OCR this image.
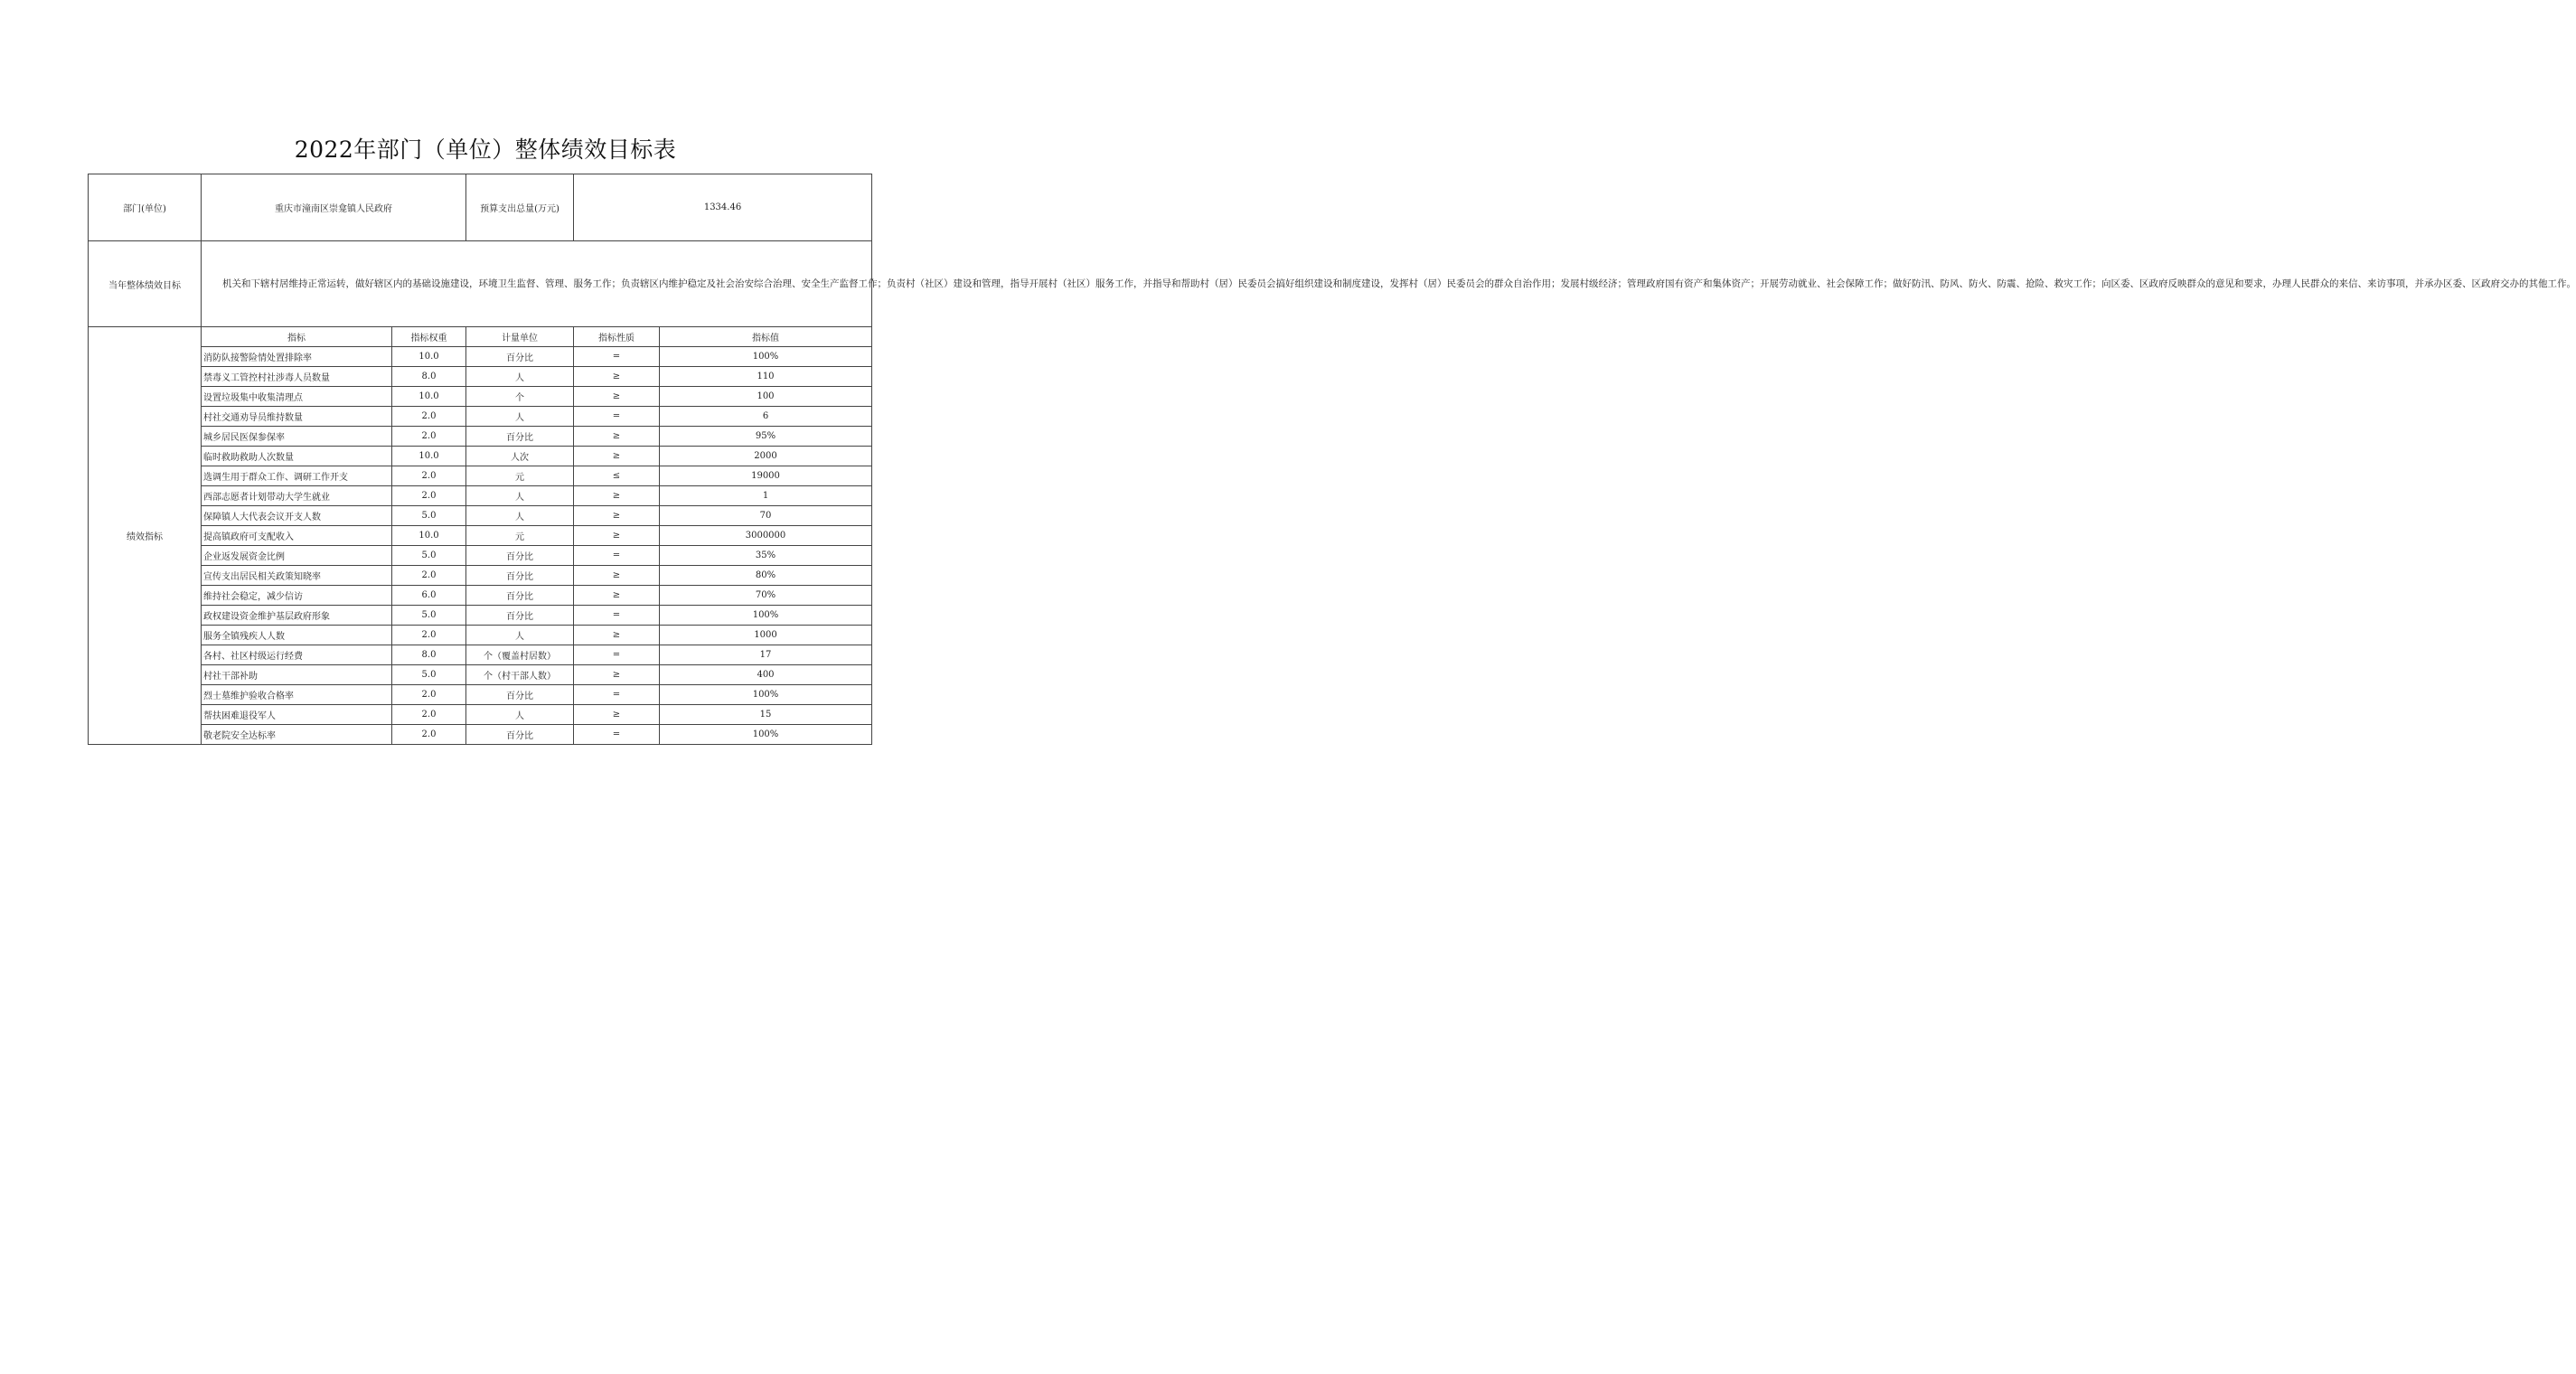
2022年部门（单位）整体绩效目标表
部门(单位)	重庆市潼南区崇龛镇人民政府		预算支出总量(万元)	1334.46	
当年整体绩效目标	机关和下辖村居维持正常运转，做好辖区内的基础设施建设，环境卫生监督、管理、服务工作；负责辖区内维护稳定及社会治安综合治理、安全生产监督工作；负责村（社区）建设和管理，指导开展村（社区）服务工作，并指导和帮助村（居）民委员会搞好组织建设和制度建设，发挥村（居）民委员会的群众自治作用；发展村级经济；管理政府国有资产和集体资产；开展劳动就业、社会保障工作；做好防汛、防风、防火、防震、抢险、救灾工作；向区委、区政府反映群众的意见和要求，办理人民群众的来信、来访事项，并承办区委、区政府交办的其他工作。				
绩效指标	指标	指标权重	计量单位	指标性质	指标值
	消防队接警险情处置排除率	10.0	百分比	=	100%
	禁毒义工管控村社涉毒人员数量	8.0	人	≥	110
	设置垃圾集中收集清理点	10.0	个	≥	100
	村社交通劝导员维持数量	2.0	人	=	6
	城乡居民医保参保率	2.0	百分比	≥	95%
	临时救助救助人次数量	10.0	人次	≥	2000
	选调生用于群众工作、调研工作开支	2.0	元	≤	19000
	西部志愿者计划带动大学生就业	2.0	人	≥	1
	保障镇人大代表会议开支人数	5.0	人	≥	70
	提高镇政府可支配收入	10.0	元	≥	3000000
	企业返发展资金比例	5.0	百分比	=	35%
	宣传支出居民相关政策知晓率	2.0	百分比	≥	80%
	维持社会稳定，减少信访	6.0	百分比	≥	70%
	政权建设资金维护基层政府形象	5.0	百分比	=	100%
	服务全镇残疾人人数	2.0	人	≥	1000
	各村、社区村级运行经费	8.0	个（覆盖村居数）	=	17
	村社干部补助	5.0	个（村干部人数）	≥	400
	烈士墓维护验收合格率	2.0	百分比	=	100%
	帮扶困难退役军人	2.0	人	≥	15
	敬老院安全达标率	2.0	百分比	=	100%
